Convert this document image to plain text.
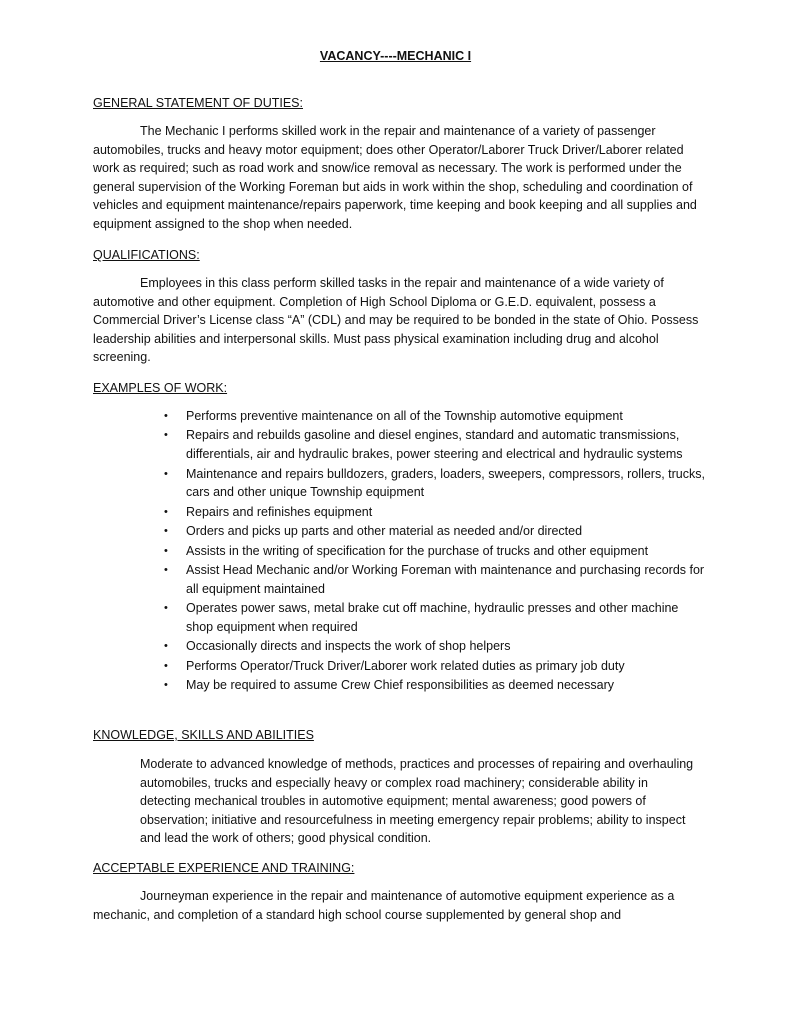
VACANCY----MECHANIC I
GENERAL STATEMENT OF DUTIES:

The Mechanic I performs skilled work in the repair and maintenance of a variety of passenger automobiles, trucks and heavy motor equipment; does other Operator/Laborer Truck Driver/Laborer related work as required; such as road work and snow/ice removal as necessary. The work is performed under the general supervision of the Working Foreman but aids in work within the shop, scheduling and coordination of vehicles and equipment maintenance/repairs paperwork, time keeping and book keeping and all supplies and equipment assigned to the shop when needed.

QUALIFICATIONS:

Employees in this class perform skilled tasks in the repair and maintenance of a wide variety of automotive and other equipment. Completion of High School Diploma or G.E.D. equivalent, possess a Commercial Driver’s License class “A” (CDL) and may be required to be bonded in the state of Ohio. Possess leadership abilities and interpersonal skills. Must pass physical examination including drug and alcohol screening.

EXAMPLES OF WORK:
• Performs preventive maintenance on all of the Township automotive equipment
• Repairs and rebuilds gasoline and diesel engines, standard and automatic transmissions, differentials, air and hydraulic brakes, power steering and electrical and hydraulic systems
• Maintenance and repairs bulldozers, graders, loaders, sweepers, compressors, rollers, trucks, cars and other unique Township equipment
• Repairs and refinishes equipment
• Orders and picks up parts and other material as needed and/or directed
• Assists in the writing of specification for the purchase of trucks and other equipment
• Assist Head Mechanic and/or Working Foreman with maintenance and purchasing records for all equipment maintained
• Operates power saws, metal brake cut off machine, hydraulic presses and other machine shop equipment when required
• Occasionally directs and inspects the work of shop helpers
• Performs Operator/Truck Driver/Laborer work related duties as primary job duty
• May be required to assume Crew Chief responsibilities as deemed necessary
KNOWLEDGE, SKILLS AND ABILITIES

Moderate to advanced knowledge of methods, practices and processes of repairing and overhauling automobiles, trucks and especially heavy or complex road machinery; considerable ability in detecting mechanical troubles in automotive equipment; mental awareness; good powers of observation; initiative and resourcefulness in meeting emergency repair problems; ability to inspect and lead the work of others; good physical condition.

ACCEPTABLE EXPERIENCE AND TRAINING:

Journeyman experience in the repair and maintenance of automotive equipment experience as a mechanic, and completion of a standard high school course supplemented by general shop and
